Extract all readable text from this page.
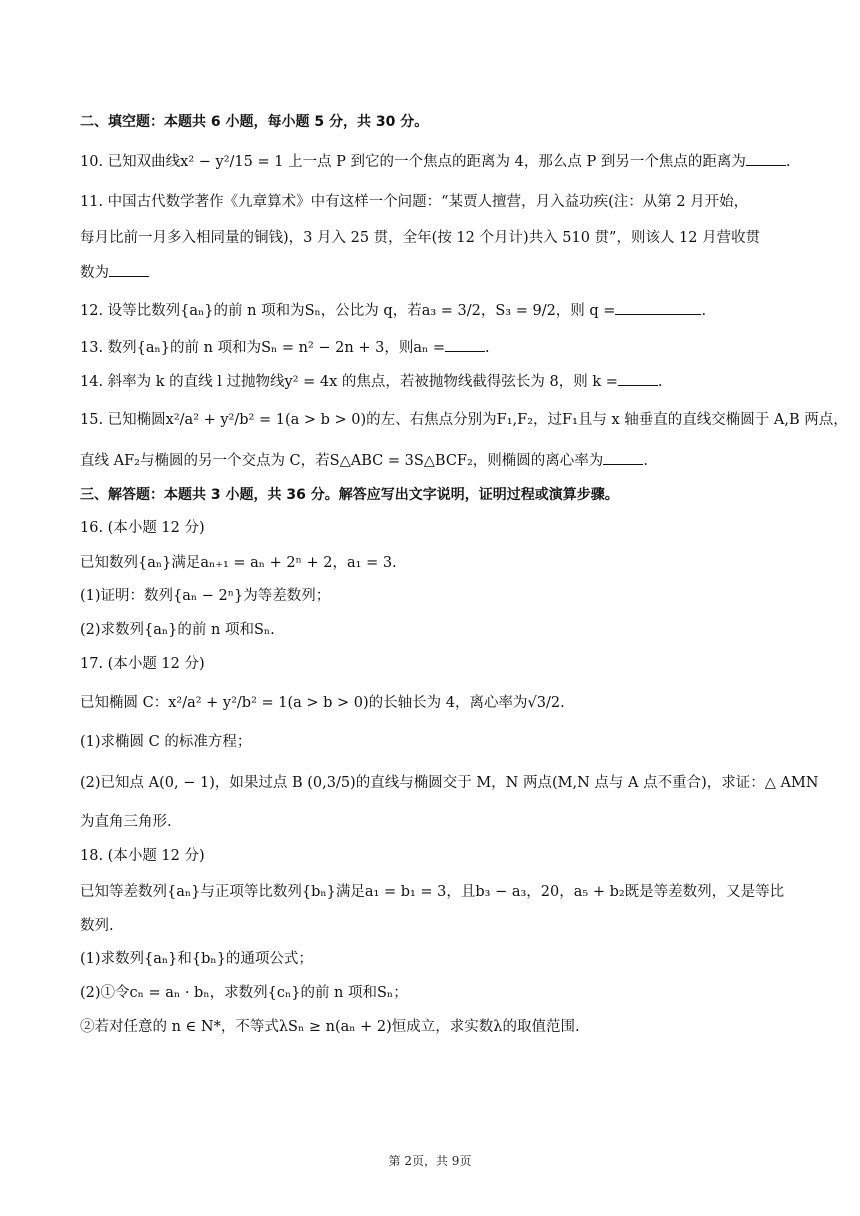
二、填空题：本题共 6 小题，每小题 5 分，共 30 分。
10. 已知双曲线x² − y²/15 = 1 上一点 P 到它的一个焦点的距离为 4，那么点 P 到另一个焦点的距离为	.
11. 中国古代数学著作《九章算术》中有这样一个问题：“某贾人擅营，月入益功疾(注：从第 2 月开始，
每月比前一月多入相同量的铜钱)，3 月入 25 贯，全年(按 12 个月计)共入 510 贯”，则该人 12 月营收贯
数为
12. 设等比数列{aₙ}的前 n 项和为Sₙ，公比为 q，若a₃ = 3/2，S₃ = 9/2，则 q =	.
13. 数列{aₙ}的前 n 项和为Sₙ = n² − 2n + 3，则aₙ =	.
14. 斜率为 k 的直线 l 过抛物线y² = 4x 的焦点，若被抛物线截得弦长为 8，则 k =	.
15. 已知椭圆x²/a² + y²/b² = 1(a > b > 0)的左、右焦点分别为F₁,F₂，过F₁且与 x 轴垂直的直线交椭圆于 A,B 两点，
直线 AF₂与椭圆的另一个交点为 C，若S△ABC = 3S△BCF₂，则椭圆的离心率为	.
三、解答题：本题共 3 小题，共 36 分。解答应写出文字说明，证明过程或演算步骤。
16. (本小题 12 分)
已知数列{aₙ}满足aₙ₊₁ = aₙ + 2ⁿ + 2，a₁ = 3.
(1)证明：数列{aₙ − 2ⁿ}为等差数列；
(2)求数列{aₙ}的前 n 项和Sₙ.
17. (本小题 12 分)
已知椭圆 C：x²/a² + y²/b² = 1(a > b > 0)的长轴长为 4，离心率为√3/2.
(1)求椭圆 C 的标准方程；
(2)已知点 A(0, − 1)，如果过点 B (0,3/5)的直线与椭圆交于 M，N 两点(M,N 点与 A 点不重合)，求证：△ AMN
为直角三角形.
18. (本小题 12 分)
已知等差数列{aₙ}与正项等比数列{bₙ}满足a₁ = b₁ = 3，且b₃ − a₃，20，a₅ + b₂既是等差数列，又是等比
数列.
(1)求数列{aₙ}和{bₙ}的通项公式；
(2)①令cₙ = aₙ · bₙ，求数列{cₙ}的前 n 项和Sₙ；
②若对任意的 n ∈ N*，不等式λSₙ ≥ n(aₙ + 2)恒成立，求实数λ的取值范围.
第 2页，共 9页
